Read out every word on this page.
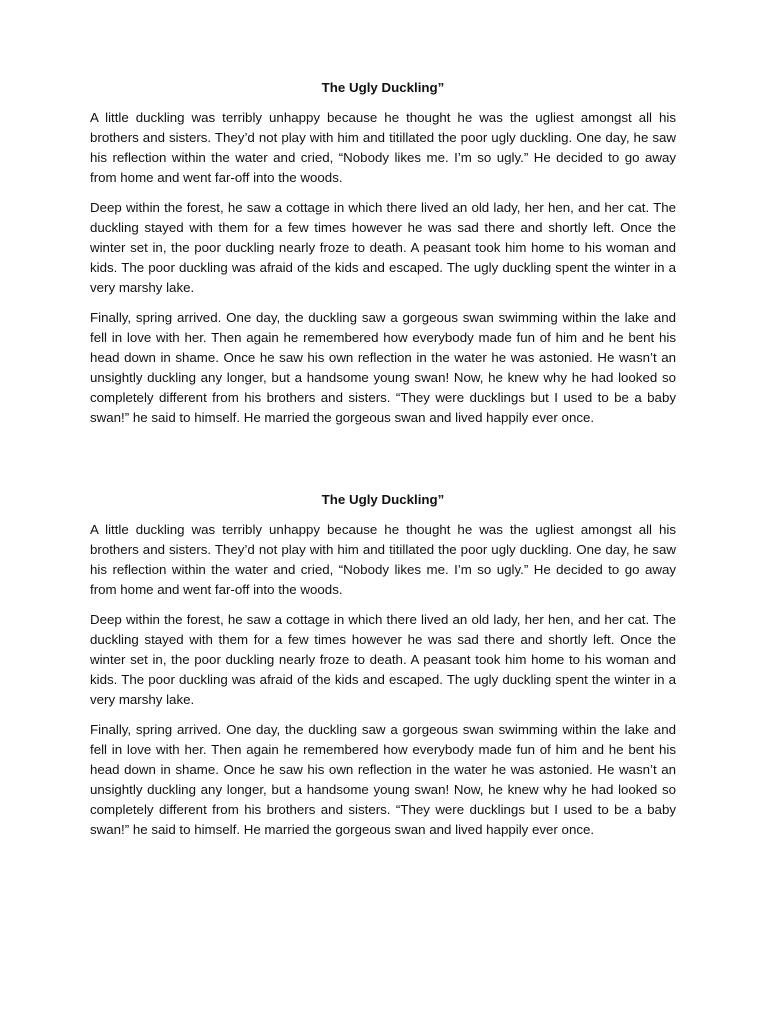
The Ugly Duckling”

A little duckling was terribly unhappy because he thought he was the ugliest amongst all his brothers and sisters. They’d not play with him and titillated the poor ugly duckling. One day, he saw his reflection within the water and cried, “Nobody likes me. I’m so ugly.” He decided to go away from home and went far-off into the woods.

Deep within the forest, he saw a cottage in which there lived an old lady, her hen, and her cat. The duckling stayed with them for a few times however he was sad there and shortly left. Once the winter set in, the poor duckling nearly froze to death. A peasant took him home to his woman and kids. The poor duckling was afraid of the kids and escaped. The ugly duckling spent the winter in a very marshy lake.

Finally, spring arrived. One day, the duckling saw a gorgeous swan swimming within the lake and fell in love with her. Then again he remembered how everybody made fun of him and he bent his head down in shame. Once he saw his own reflection in the water he was astonied. He wasn’t an unsightly duckling any longer, but a handsome young swan! Now, he knew why he had looked so completely different from his brothers and sisters. “They were ducklings but I used to be a baby swan!” he said to himself. He married the gorgeous swan and lived happily ever once.

The Ugly Duckling”

A little duckling was terribly unhappy because he thought he was the ugliest amongst all his brothers and sisters. They’d not play with him and titillated the poor ugly duckling. One day, he saw his reflection within the water and cried, “Nobody likes me. I’m so ugly.” He decided to go away from home and went far-off into the woods.

Deep within the forest, he saw a cottage in which there lived an old lady, her hen, and her cat. The duckling stayed with them for a few times however he was sad there and shortly left. Once the winter set in, the poor duckling nearly froze to death. A peasant took him home to his woman and kids. The poor duckling was afraid of the kids and escaped. The ugly duckling spent the winter in a very marshy lake.

Finally, spring arrived. One day, the duckling saw a gorgeous swan swimming within the lake and fell in love with her. Then again he remembered how everybody made fun of him and he bent his head down in shame. Once he saw his own reflection in the water he was astonied. He wasn’t an unsightly duckling any longer, but a handsome young swan! Now, he knew why he had looked so completely different from his brothers and sisters. “They were ducklings but I used to be a baby swan!” he said to himself. He married the gorgeous swan and lived happily ever once.
